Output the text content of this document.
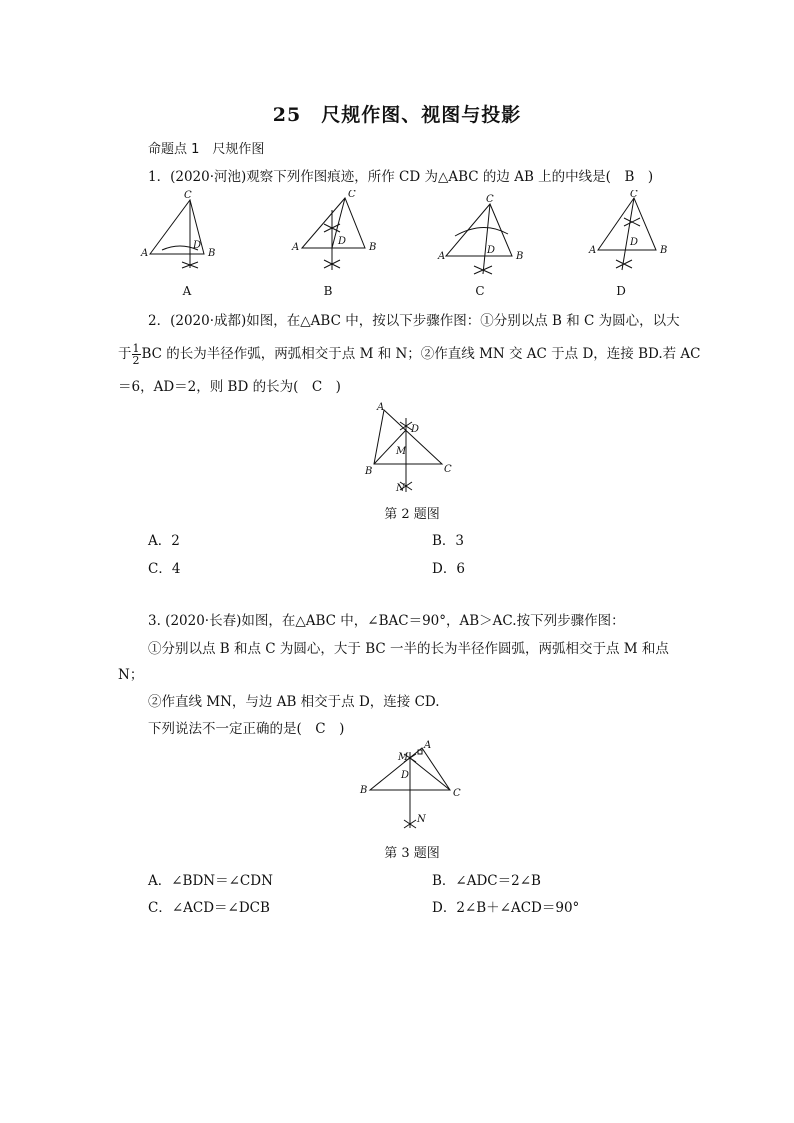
25　尺规作图、视图与投影
命题点 1　尺规作图
1．(2020·河池)观察下列作图痕迹，所作 CD 为△ABC 的边 AB 上的中线是(　B　)
C
A	B
D
C
A	B
D
C
A	B
D
C
A	B
D
A	B	C	D
2．(2020·成都)如图，在△ABC 中，按以下步骤作图：①分别以点 B 和 C 为圆心，以大
于 $\frac{1}{2}$ BC 的长为半径作弧，两弧相交于点 M 和 N；②作直线 MN 交 AC 于点 D，连接 BD.若 AC
＝6，AD＝2，则 BD 的长为(　C　)
A
B	C
D
M
N
第 2 题图
A．2	B．3
C．4	D．6
3. (2020·长春)如图，在△ABC 中，∠BAC＝90°，AB＞AC.按下列步骤作图：
①分别以点 B 和点 C 为圆心，大于 BC 一半的长为半径作圆弧，两弧相交于点 M 和点
N；
②作直线 MN，与边 AB 相交于点 D，连接 CD.
下列说法不一定正确的是(　C　)
A
B	C
D
M
N
第 3 题图
A．∠BDN＝∠CDN	B．∠ADC＝2∠B
C．∠ACD＝∠DCB	D．2∠B＋∠ACD＝90°
